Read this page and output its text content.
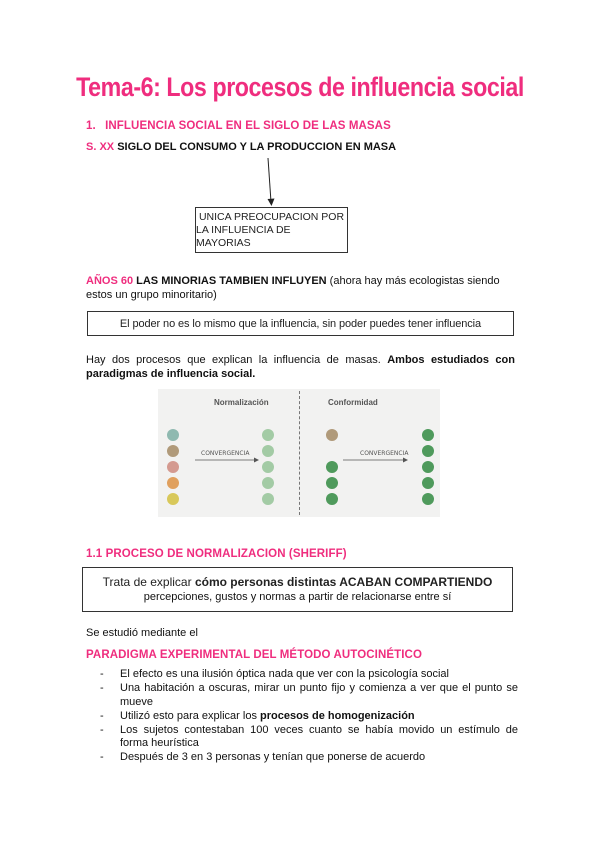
Tema-6: Los procesos de influencia social
1. INFLUENCIA SOCIAL EN EL SIGLO DE LAS MASAS
S. XX SIGLO DEL CONSUMO Y LA PRODUCCION EN MASA
UNICA PREOCUPACION POR
LA INFLUENCIA DE MAYORIAS
AÑOS 60 LAS MINORIAS TAMBIEN INFLUYEN (ahora hay más ecologistas siendo
estos un grupo minoritario)
El poder no es lo mismo que la influencia, sin poder puedes tener influencia
Hay dos procesos que explican la influencia de masas. Ambos estudiados con paradigmas de influencia social.
Normalización	Conformidad
CONVERGENCIA	CONVERGENCIA
1.1 PROCESO DE NORMALIZACION (SHERIFF)
Trata de explicar cómo personas distintas ACABAN COMPARTIENDO
percepciones, gustos y normas a partir de relacionarse entre sí
Se estudió mediante el
PARADIGMA EXPERIMENTAL DEL MÉTODO AUTOCINÉTICO
- El efecto es una ilusión óptica nada que ver con la psicología social
- Una habitación a oscuras, mirar un punto fijo y comienza a ver que el punto se mueve
- Utilizó esto para explicar los procesos de homogenización
- Los sujetos contestaban 100 veces cuanto se había movido un estímulo de forma heurística
- Después de 3 en 3 personas y tenían que ponerse de acuerdo
